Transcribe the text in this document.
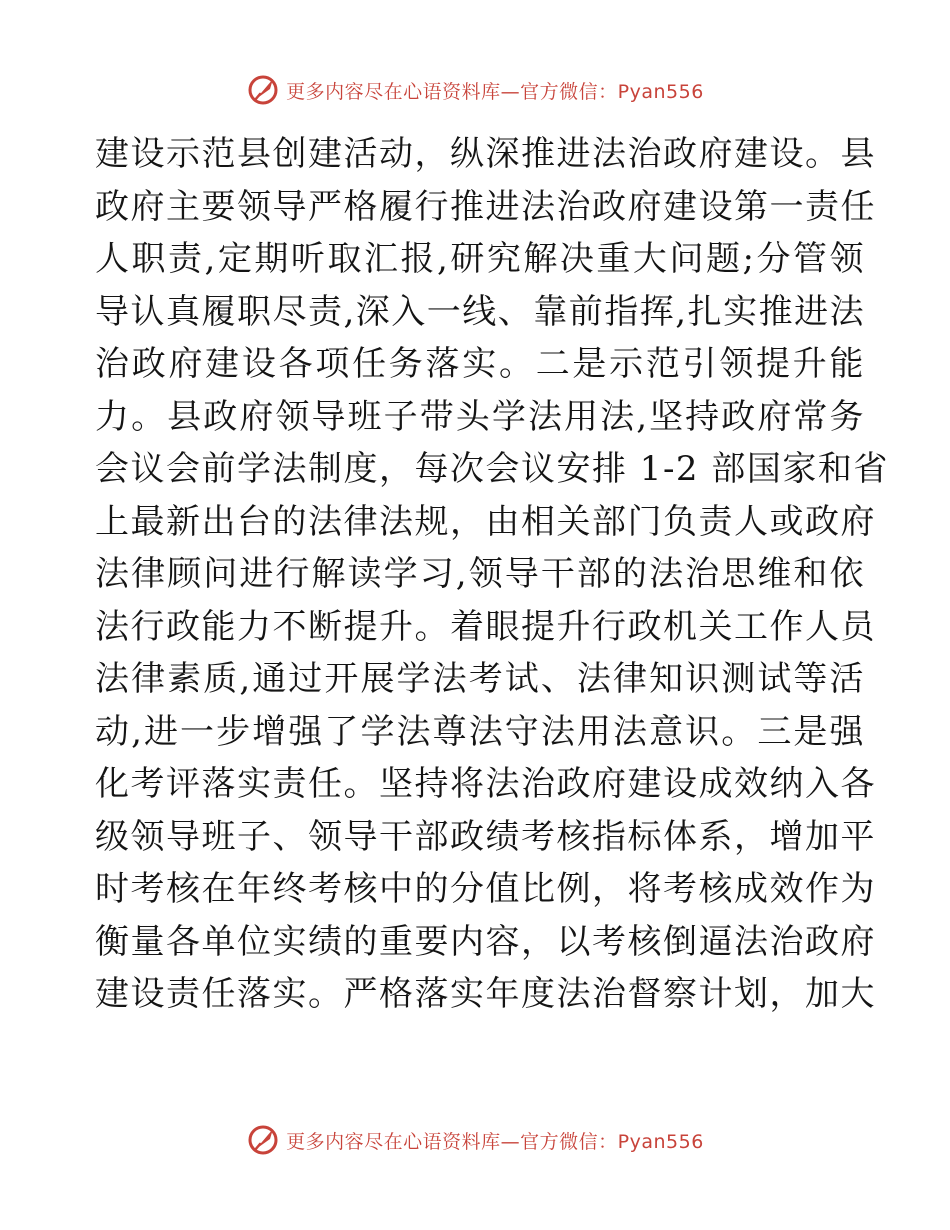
更多内容尽在心语资料库—官方微信：Pyan556
建设示范县创建活动，纵深推进法治政府建设。县
政府主要领导严格履行推进法治政府建设第一责任
人职责,定期听取汇报,研究解决重大问题;分管领
导认真履职尽责,深入一线、靠前指挥,扎实推进法
治政府建设各项任务落实。二是示范引领提升能
力。县政府领导班子带头学法用法,坚持政府常务
会议会前学法制度，每次会议安排 1-2 部国家和省
上最新出台的法律法规，由相关部门负责人或政府
法律顾问进行解读学习,领导干部的法治思维和依
法行政能力不断提升。着眼提升行政机关工作人员
法律素质,通过开展学法考试、法律知识测试等活
动,进一步增强了学法尊法守法用法意识。三是强
化考评落实责任。坚持将法治政府建设成效纳入各
级领导班子、领导干部政绩考核指标体系，增加平
时考核在年终考核中的分值比例，将考核成效作为
衡量各单位实绩的重要内容，以考核倒逼法治政府
建设责任落实。严格落实年度法治督察计划，加大
更多内容尽在心语资料库—官方微信：Pyan556
